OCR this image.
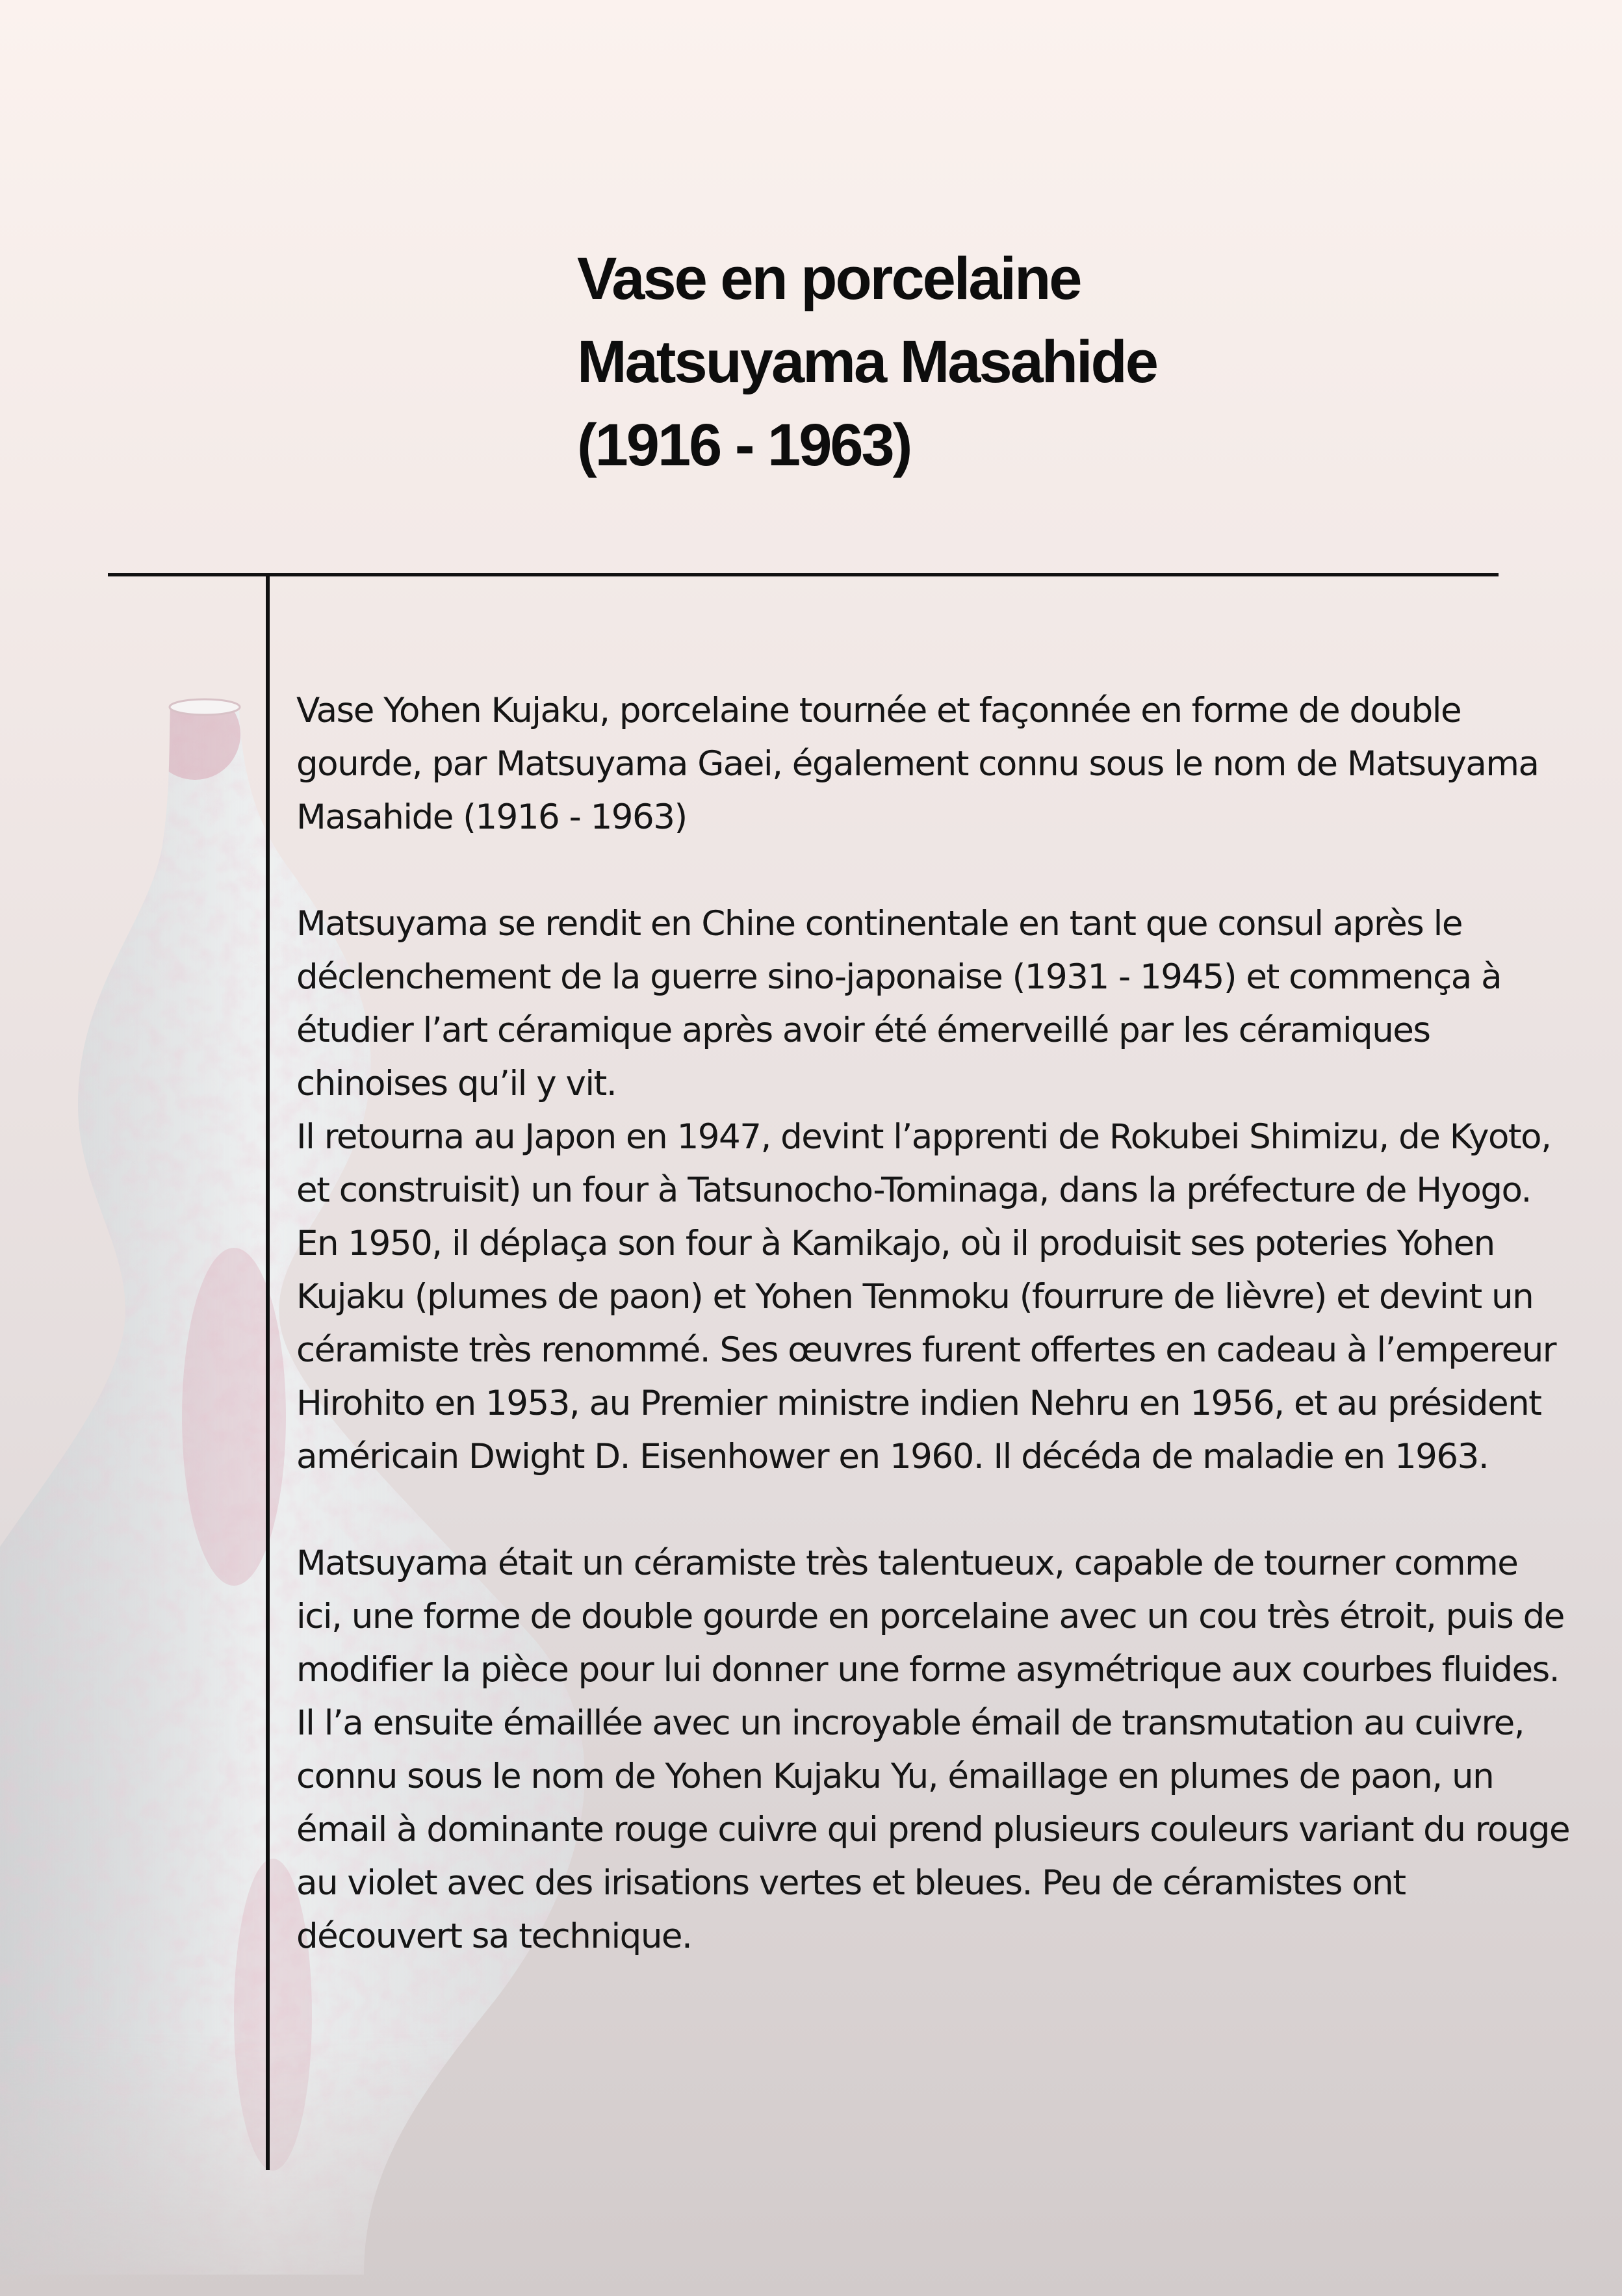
Vase en porcelaine
Matsuyama Masahide
(1916 - 1963)

Vase Yohen Kujaku, porcelaine tournée et façonnée en forme de double gourde, par Matsuyama Gaei, également connu sous le nom de Matsuyama Masahide (1916 - 1963)

Matsuyama se rendit en Chine continentale en tant que consul après le déclenchement de la guerre sino-japonaise (1931 - 1945) et commença à étudier l’art céramique après avoir été émerveillé par les céramiques chinoises qu’il y vit.

Il retourna au Japon en 1947, devint l’apprenti de Rokubei Shimizu, de Kyoto, et construisit) un four à Tatsunocho-Tominaga, dans la préfecture de Hyogo.

En 1950, il déplaça son four à Kamikajo, où il produisit ses poteries Yohen Kujaku (plumes de paon) et Yohen Tenmoku (fourrure de lièvre) et devint un céramiste très renommé. Ses œuvres furent offertes en cadeau à l’empereur Hirohito en 1953, au Premier ministre indien Nehru en 1956, et au président américain Dwight D. Eisenhower en 1960. Il décéda de maladie en 1963.

Matsuyama était un céramiste très talentueux, capable de tourner comme ici, une forme de double gourde en porcelaine avec un cou très étroit, puis de modifier la pièce pour lui donner une forme asymétrique aux courbes fluides. Il l’a ensuite émaillée avec un incroyable émail de transmutation au cuivre, connu sous le nom de Yohen Kujaku Yu, émaillage en plumes de paon, un émail à dominante rouge cuivre qui prend plusieurs couleurs variant du rouge au violet avec des irisations vertes et bleues. Peu de céramistes ont découvert sa technique.
